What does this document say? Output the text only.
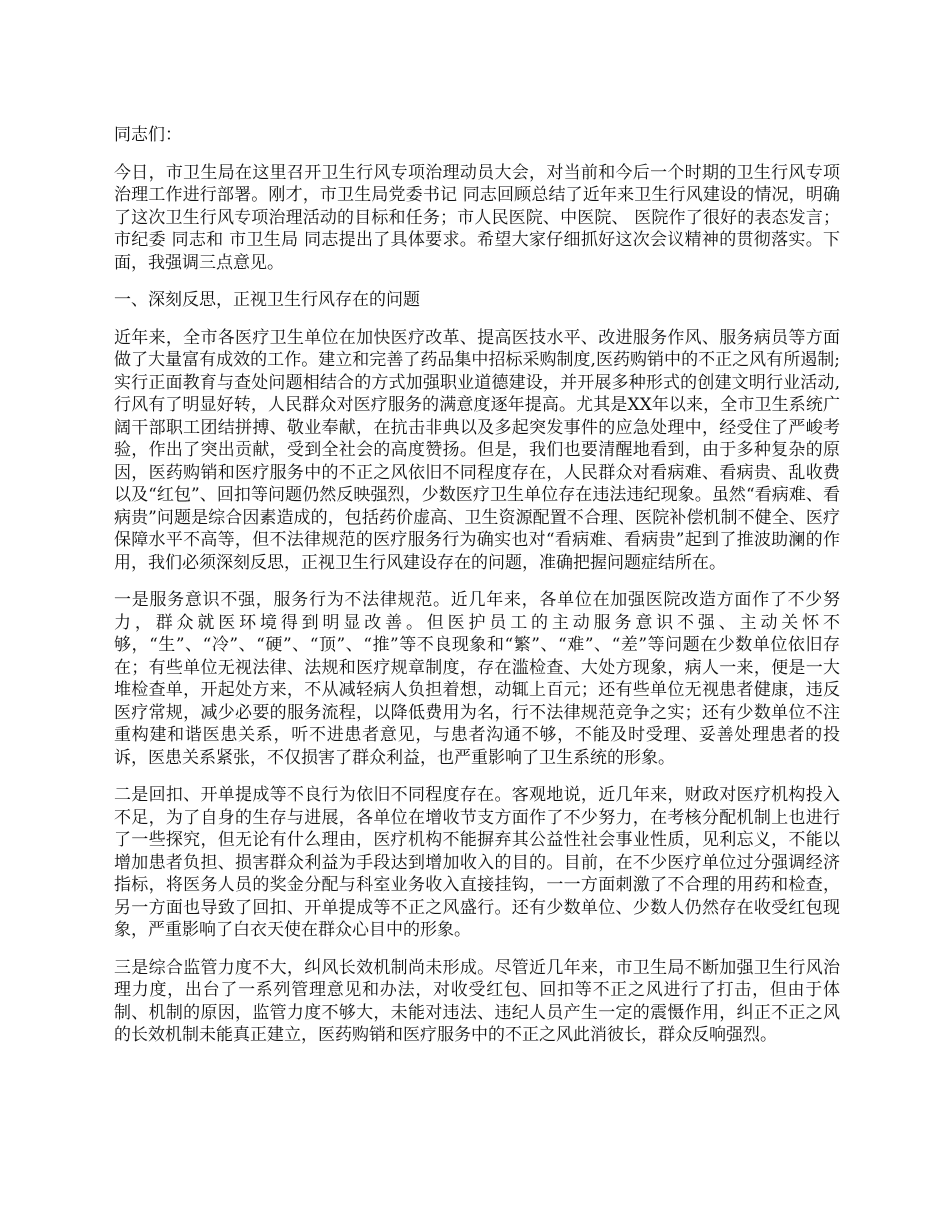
同志们：

今日，市卫生局在这里召开卫生行风专项治理动员大会，对当前和今后一个时期的卫生行风专项治理工作进行部署。刚才，市卫生局党委书记 同志回顾总结了近年来卫生行风建设的情况，明确了这次卫生行风专项治理活动的目标和任务；市人民医院、中医院、 医院作了很好的表态发言；市纪委 同志和 市卫生局 同志提出了具体要求。希望大家仔细抓好这次会议精神的贯彻落实。下面，我强调三点意见。

一、深刻反思，正视卫生行风存在的问题

近年来，全市各医疗卫生单位在加快医疗改革、提高医技水平、改进服务作风、服务病员等方面做了大量富有成效的工作。建立和完善了药品集中招标采购制度,医药购销中的不正之风有所遏制;实行正面教育与查处问题相结合的方式加强职业道德建设，并开展多种形式的创建文明行业活动,行风有了明显好转，人民群众对医疗服务的满意度逐年提高。尤其是XX年以来，全市卫生系统广阔干部职工团结拼搏、敬业奉献，在抗击非典以及多起突发事件的应急处理中，经受住了严峻考验，作出了突出贡献，受到全社会的高度赞扬。但是，我们也要清醒地看到，由于多种复杂的原因，医药购销和医疗服务中的不正之风依旧不同程度存在，人民群众对看病难、看病贵、乱收费以及“红包”、回扣等问题仍然反映强烈，少数医疗卫生单位存在违法违纪现象。虽然“看病难、看病贵”问题是综合因素造成的，包括药价虚高、卫生资源配置不合理、医院补偿机制不健全、医疗保障水平不高等，但不法律规范的医疗服务行为确实也对“看病难、看病贵”起到了推波助澜的作用，我们必须深刻反思，正视卫生行风建设存在的问题，准确把握问题症结所在。

一是服务意识不强，服务行为不法律规范。近几年来，各单位在加强医院改造方面作了不少努力，群众就医环境得到明显改善。但医护员工的主动服务意识不强、主动关怀不够，“生”、“冷”、“硬”、“顶”、“推”等不良现象和“繁”、“难”、“差”等问题在少数单位依旧存在；有些单位无视法律、法规和医疗规章制度，存在滥检查、大处方现象，病人一来，便是一大堆检查单，开起处方来，不从减轻病人负担着想，动辄上百元；还有些单位无视患者健康，违反医疗常规，减少必要的服务流程，以降低费用为名，行不法律规范竞争之实；还有少数单位不注重构建和谐医患关系，听不进患者意见，与患者沟通不够，不能及时受理、妥善处理患者的投诉，医患关系紧张，不仅损害了群众利益，也严重影响了卫生系统的形象。

二是回扣、开单提成等不良行为依旧不同程度存在。客观地说，近几年来，财政对医疗机构投入不足，为了自身的生存与进展，各单位在增收节支方面作了不少努力，在考核分配机制上也进行了一些探究，但无论有什么理由，医疗机构不能摒弃其公益性社会事业性质，见利忘义，不能以增加患者负担、损害群众利益为手段达到增加收入的目的。目前，在不少医疗单位过分强调经济指标，将医务人员的奖金分配与科室业务收入直接挂钩，一一方面刺激了不合理的用药和检查，另一方面也导致了回扣、开单提成等不正之风盛行。还有少数单位、少数人仍然存在收受红包现象，严重影响了白衣天使在群众心目中的形象。

三是综合监管力度不大，纠风长效机制尚未形成。尽管近几年来，市卫生局不断加强卫生行风治理力度，出台了一系列管理意见和办法，对收受红包、回扣等不正之风进行了打击，但由于体制、机制的原因，监管力度不够大，未能对违法、违纪人员产生一定的震慑作用，纠正不正之风的长效机制未能真正建立，医药购销和医疗服务中的不正之风此消彼长，群众反响强烈。
